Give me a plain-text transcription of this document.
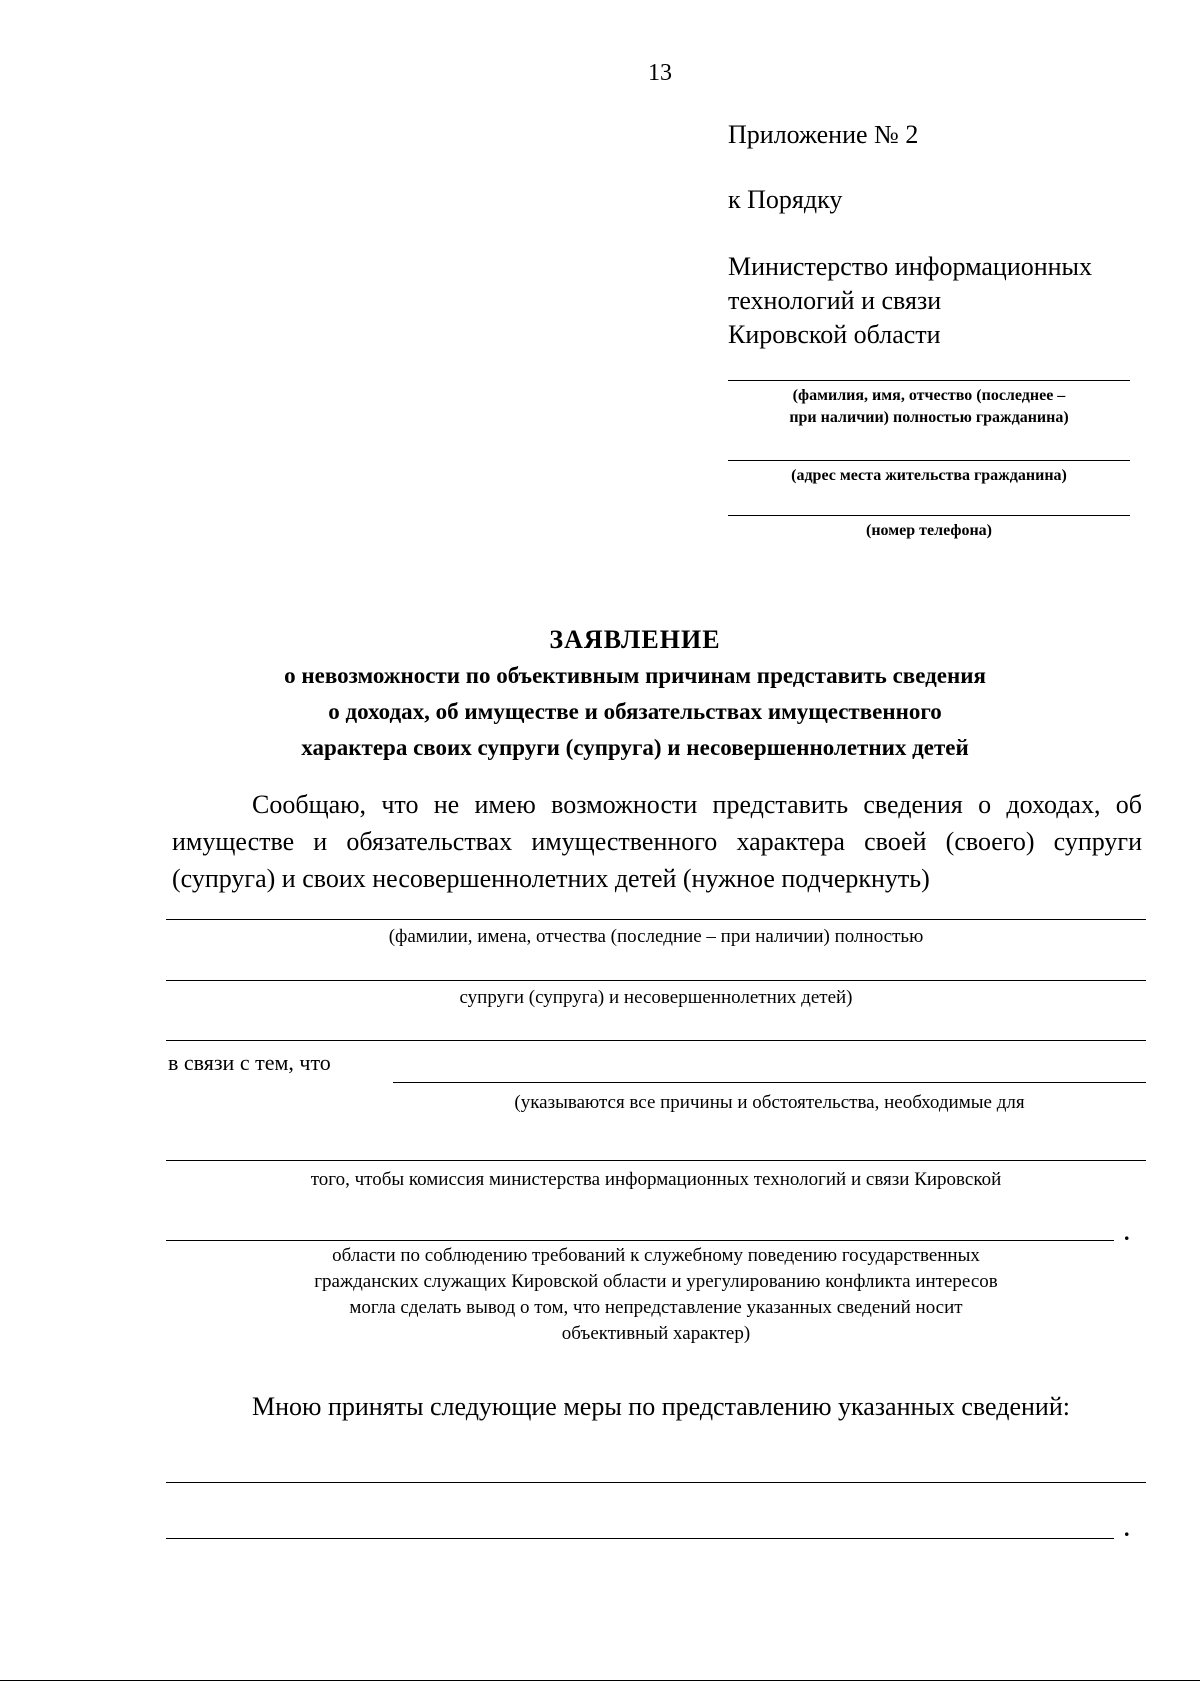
13
Приложение № 2
к Порядку
Министерство информационных
технологий и связи
Кировской области
(фамилия, имя, отчество (последнее –
при наличии) полностью гражданина)
(адрес места жительства гражданина)
(номер телефона)
ЗАЯВЛЕНИЕ
о невозможности по объективным причинам представить сведения
о доходах, об имуществе и обязательствах имущественного
характера своих супруги (супруга) и несовершеннолетних детей
Сообщаю, что не имею возможности представить сведения о доходах, об имуществе и обязательствах имущественного характера своей (своего) супруги (супруга) и своих несовершеннолетних детей (нужное подчеркнуть)
(фамилии, имена, отчества (последние – при наличии) полностью
супруги (супруга) и несовершеннолетних детей)
в связи с тем, что
(указываются все причины и обстоятельства, необходимые для
того, чтобы комиссия министерства информационных технологий и связи Кировской
.
области по соблюдению требований к служебному поведению государственных
гражданских служащих Кировской области и урегулированию конфликта интересов
могла сделать вывод о том, что непредставление указанных сведений носит
объективный характер)
Мною приняты следующие меры по представлению указанных сведений:
.
